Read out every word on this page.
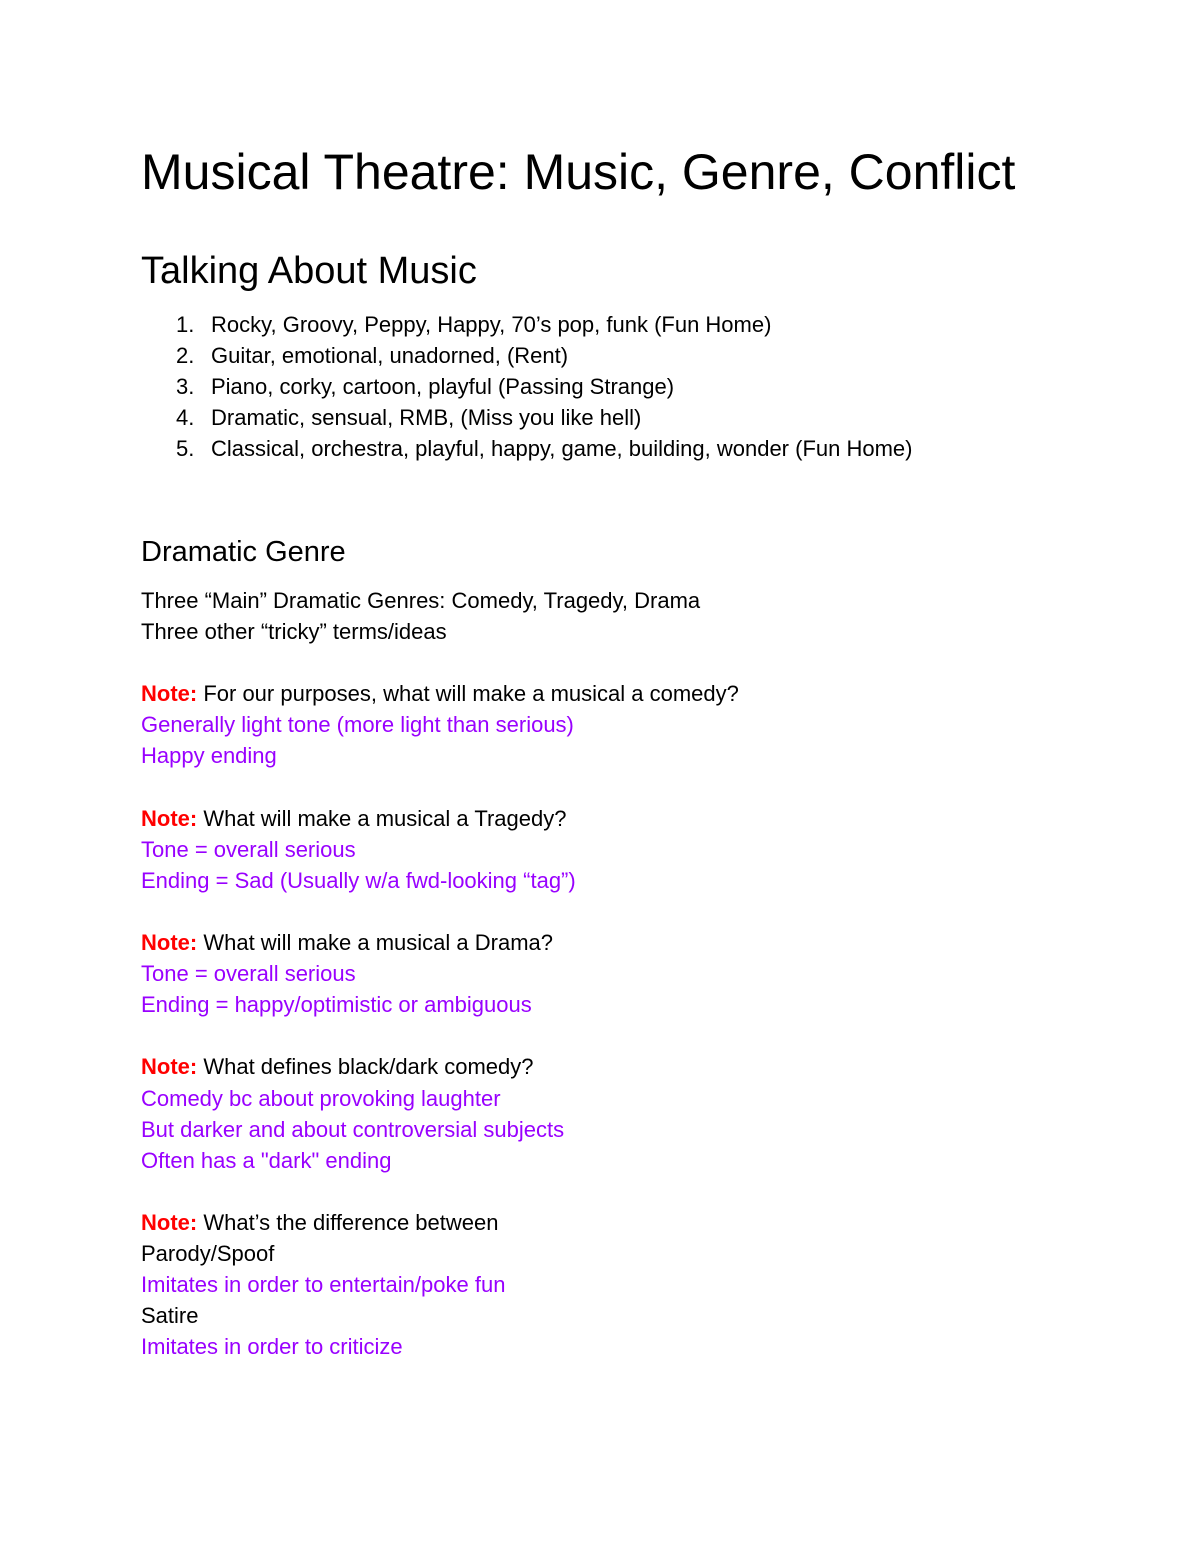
Musical Theatre: Music, Genre, Conflict
Talking About Music
1. Rocky, Groovy, Peppy, Happy, 70’s pop, funk (Fun Home)
2. Guitar, emotional, unadorned, (Rent)
3. Piano, corky, cartoon, playful (Passing Strange)
4. Dramatic, sensual, RMB, (Miss you like hell)
5. Classical, orchestra, playful, happy, game, building, wonder (Fun Home)
Dramatic Genre
Three “Main” Dramatic Genres: Comedy, Tragedy, Drama
Three other “tricky” terms/ideas
Note: For our purposes, what will make a musical a comedy?
Generally light tone (more light than serious)
Happy ending
Note: What will make a musical a Tragedy?
Tone = overall serious
Ending = Sad (Usually w/a fwd-looking “tag”)
Note: What will make a musical a Drama?
Tone = overall serious
Ending = happy/optimistic or ambiguous
Note: What defines black/dark comedy?
Comedy bc about provoking laughter
But darker and about controversial subjects
Often has a "dark" ending
Note: What’s the difference between
Parody/Spoof
Imitates in order to entertain/poke fun
Satire
Imitates in order to criticize
